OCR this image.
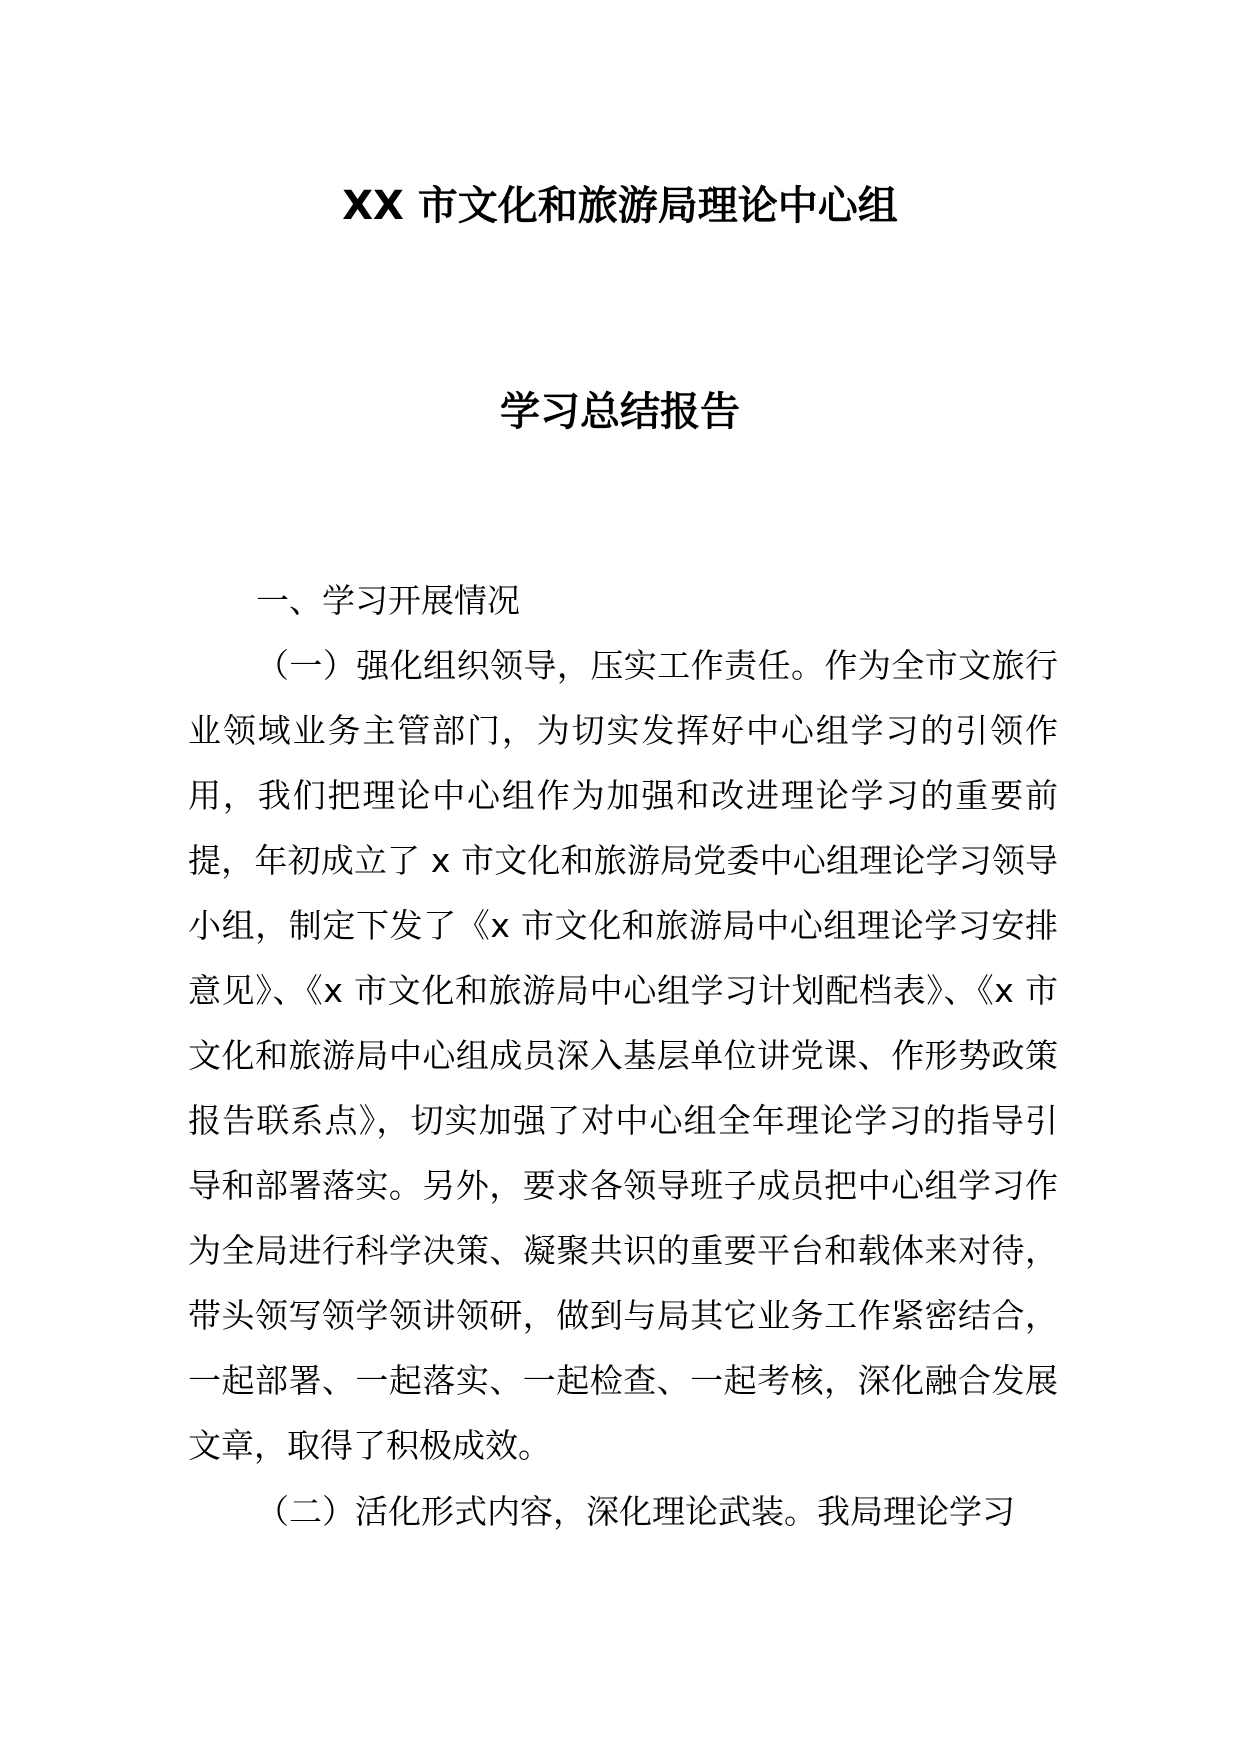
XX 市文化和旅游局理论中心组
学习总结报告
一、学习开展情况

（一）强化组织领导，压实工作责任。作为全市文旅行业领域业务主管部门，为切实发挥好中心组学习的引领作用，我们把理论中心组作为加强和改进理论学习的重要前提，年初成立了 x 市文化和旅游局党委中心组理论学习领导小组，制定下发了《x 市文化和旅游局中心组理论学习安排意见》、《x 市文化和旅游局中心组学习计划配档表》、《x 市文化和旅游局中心组成员深入基层单位讲党课、作形势政策报告联系点》，切实加强了对中心组全年理论学习的指导引导和部署落实。另外，要求各领导班子成员把中心组学习作为全局进行科学决策、凝聚共识的重要平台和载体来对待，带头领写领学领讲领研，做到与局其它业务工作紧密结合，一起部署、一起落实、一起检查、一起考核，深化融合发展文章，取得了积极成效。

（二）活化形式内容，深化理论武装。我局理论学习
